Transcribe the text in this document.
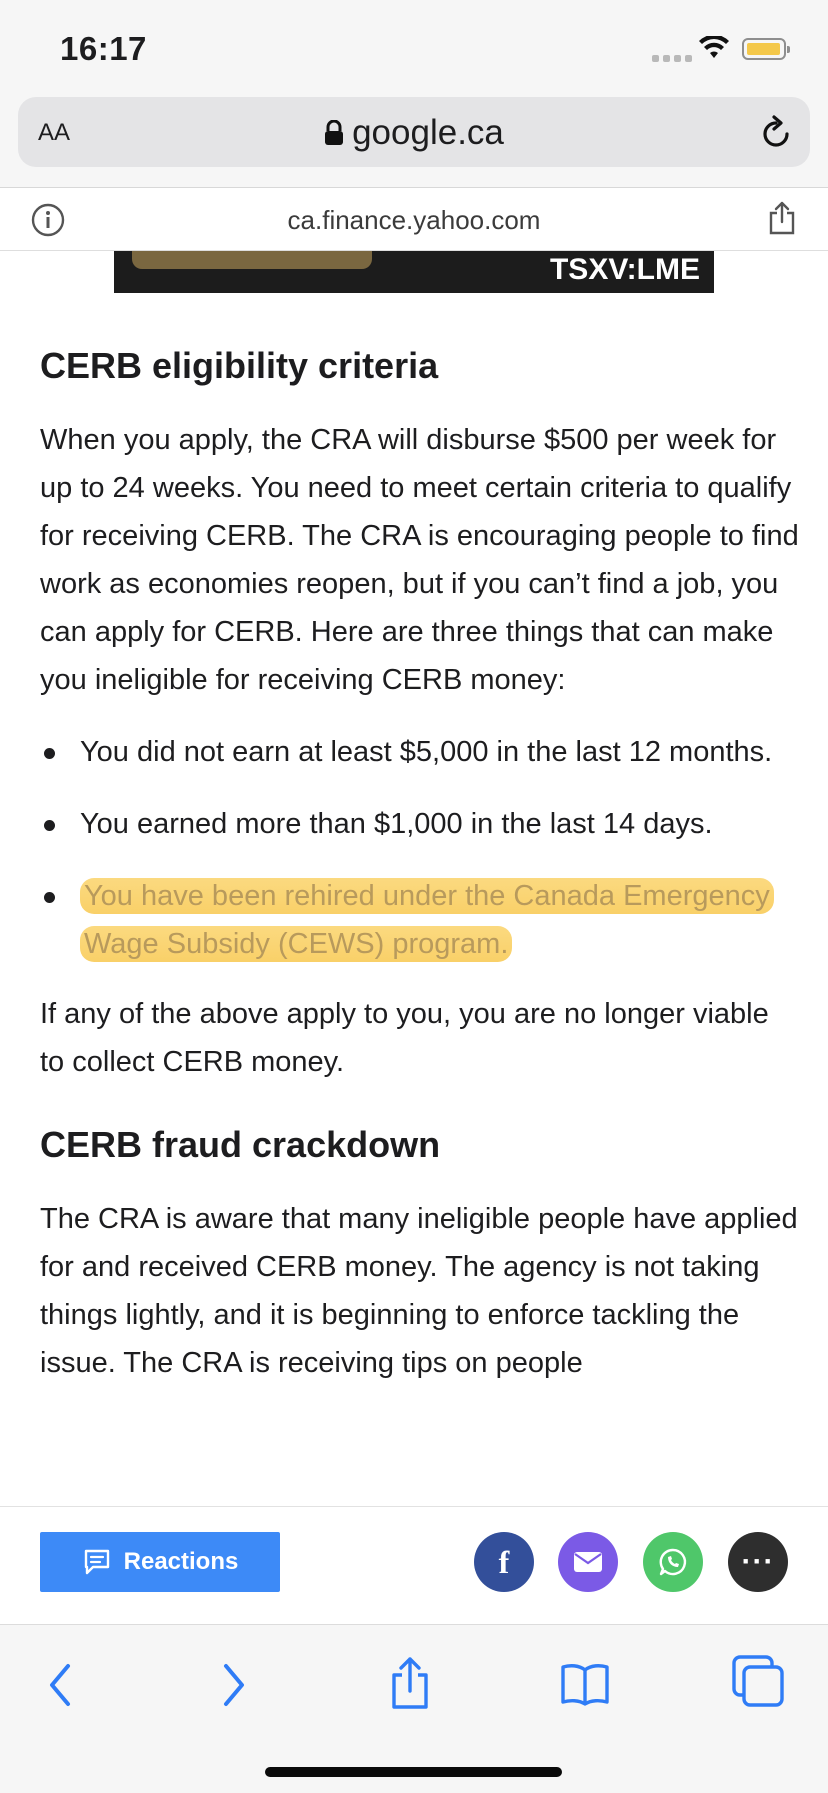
16:17
AA	google.ca
ca.finance.yahoo.com
TSXV:LME
CERB eligibility criteria

When you apply, the CRA will disburse $500 per week for up to 24 weeks. You need to meet certain criteria to qualify for receiving CERB. The CRA is encouraging people to find work as economies reopen, but if you can’t find a job, you can apply for CERB. Here are three things that can make you ineligible for receiving CERB money:

You did not earn at least $5,000 in the last 12 months.
You earned more than $1,000 in the last 14 days.
You have been rehired under the Canada Emergency Wage Subsidy (CEWS) program.

If any of the above apply to you, you are no longer viable to collect CERB money.

CERB fraud crackdown

The CRA is aware that many ineligible people have applied for and received CERB money. The agency is not taking things lightly, and it is beginning to enforce tackling the issue. The CRA is receiving tips on people

Reactions	f	···
